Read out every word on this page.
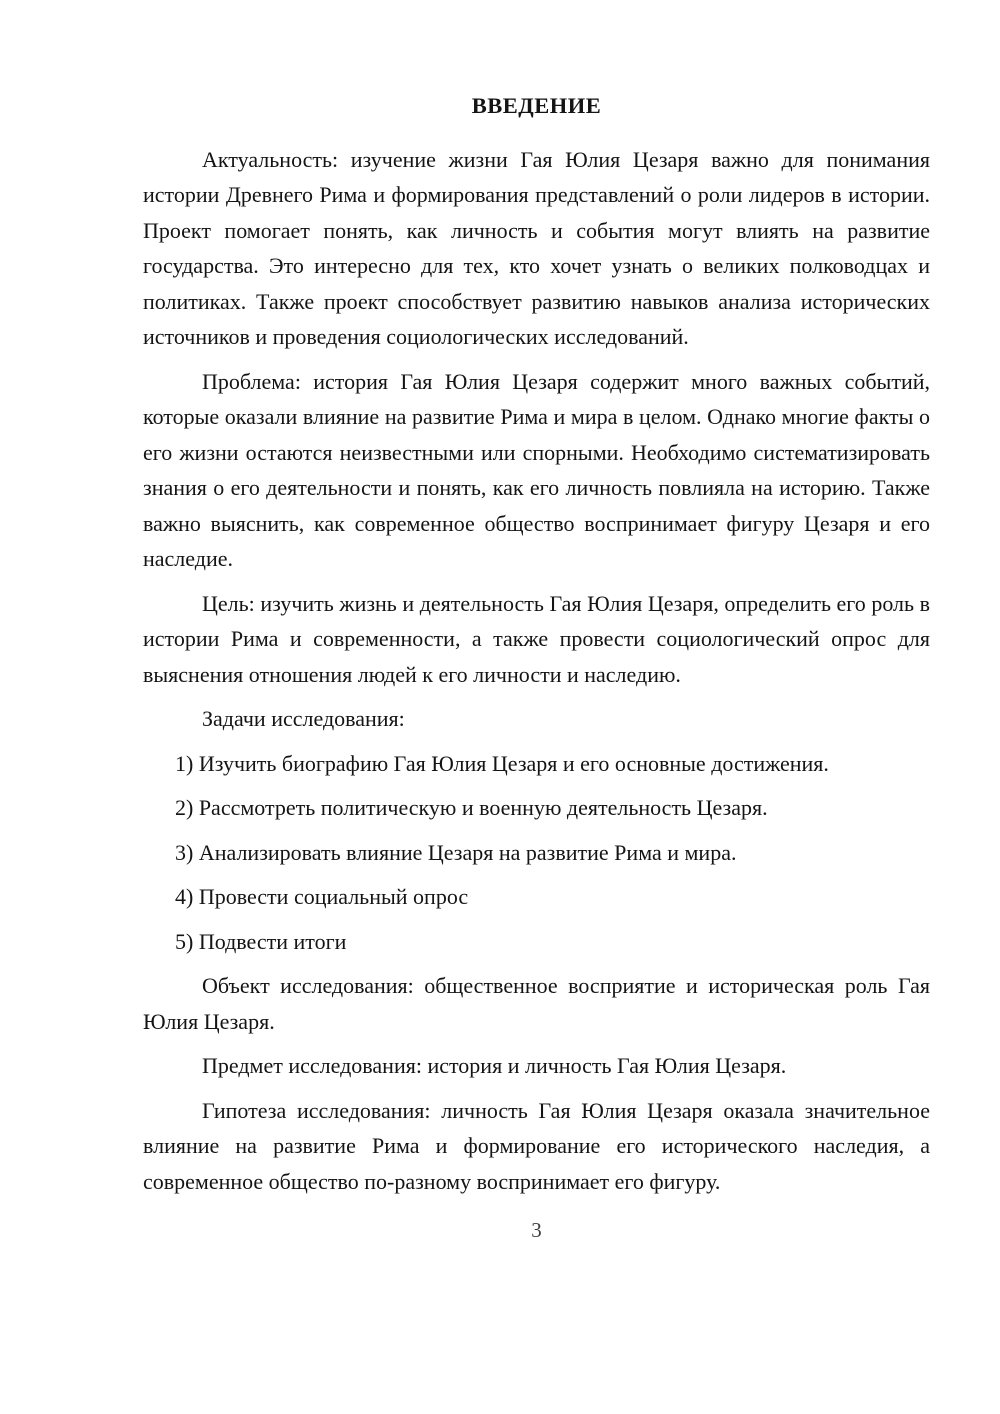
ВВЕДЕНИЕ

Актуальность: изучение жизни Гая Юлия Цезаря важно для понимания истории Древнего Рима и формирования представлений о роли лидеров в истории. Проект помогает понять, как личность и события могут влиять на развитие государства. Это интересно для тех, кто хочет узнать о великих полководцах и политиках. Также проект способствует развитию навыков анализа исторических источников и проведения социологических исследований.

Проблема: история Гая Юлия Цезаря содержит много важных событий, которые оказали влияние на развитие Рима и мира в целом. Однако многие факты о его жизни остаются неизвестными или спорными. Необходимо систематизировать знания о его деятельности и понять, как его личность повлияла на историю. Также важно выяснить, как современное общество воспринимает фигуру Цезаря и его наследие.

Цель: изучить жизнь и деятельность Гая Юлия Цезаря, определить его роль в истории Рима и современности, а также провести социологический опрос для выяснения отношения людей к его личности и наследию.

Задачи исследования:

1) Изучить биографию Гая Юлия Цезаря и его основные достижения.

2) Рассмотреть политическую и военную деятельность Цезаря.

3) Анализировать влияние Цезаря на развитие Рима и мира.

4) Провести социальный опрос

5) Подвести итоги

Объект исследования: общественное восприятие и историческая роль Гая Юлия Цезаря.

Предмет исследования: история и личность Гая Юлия Цезаря.

Гипотеза исследования: личность Гая Юлия Цезаря оказала значительное влияние на развитие Рима и формирование его исторического наследия, а современное общество по-разному воспринимает его фигуру.

3
